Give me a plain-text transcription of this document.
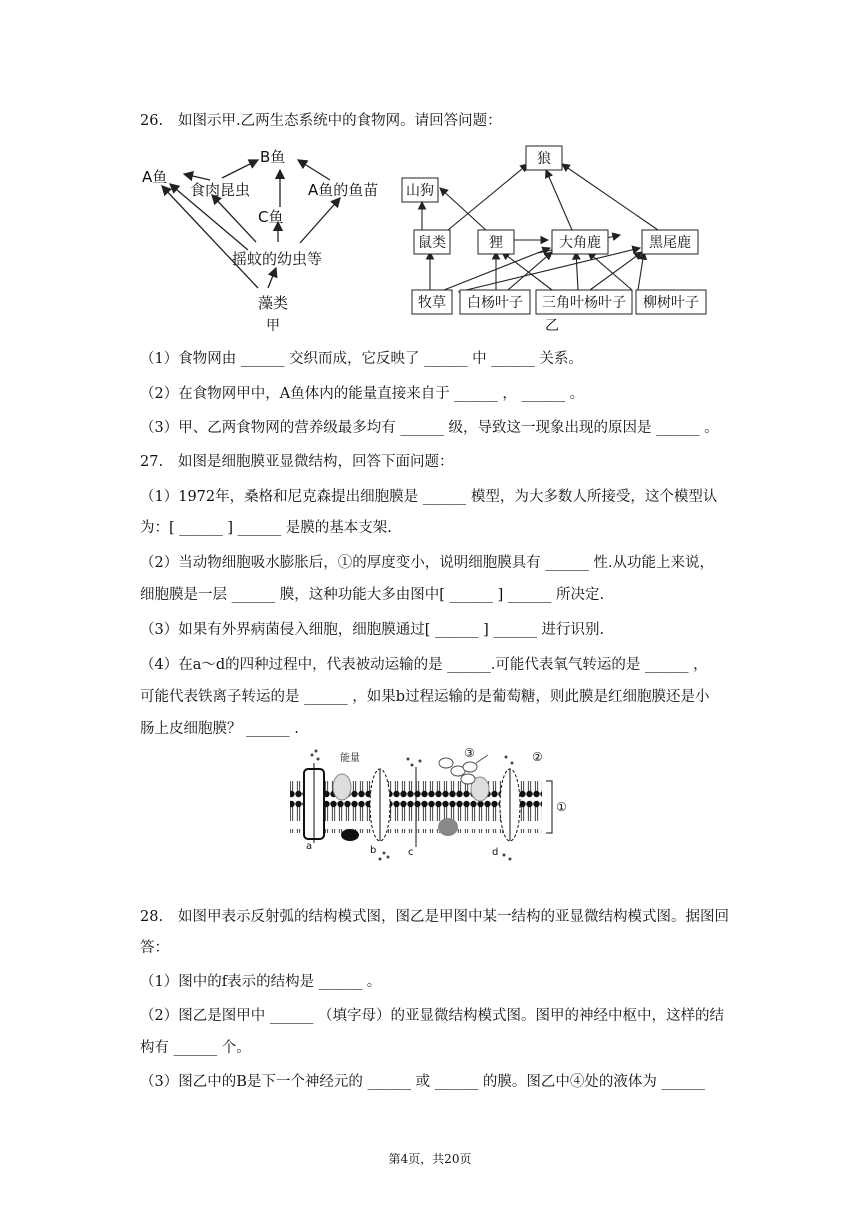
26. 如图示甲.乙两生态系统中的食物网。请回答问题：
B鱼
A鱼
食肉昆虫
C鱼
A鱼的鱼苗
摇蚊的幼虫等
藻类
甲
狼
山狗
鼠类	狸	大角鹿	黑尾鹿
牧草 白杨叶子 三角叶杨叶子 柳树叶子
乙
（1）食物网由 ______ 交织而成，它反映了 ______ 中 ______ 关系。
（2）在食物网甲中，A鱼体内的能量直接来自于 ______ ， ______ 。
（3）甲、乙两食物网的营养级最多均有 ______ 级，导致这一现象出现的原因是 ______ 。
27. 如图是细胞膜亚显微结构，回答下面问题：
（1）1972年，桑格和尼克森提出细胞膜是 ______ 模型，为大多数人所接受，这个模型认
为：[ ______ ] ______ 是膜的基本支架.
（2）当动物细胞吸水膨胀后，①的厚度变小，说明细胞膜具有 ______ 性.从功能上来说，
细胞膜是一层 ______ 膜，这种功能大多由图中[ ______ ] ______ 所决定.
（3）如果有外界病菌侵入细胞，细胞膜通过[ ______ ] ______ 进行识别.
（4）在a～d的四种过程中，代表被动运输的是 ______.可能代表氧气转运的是 ______ ，
可能代表铁离子转运的是 ______ ，如果b过程运输的是葡萄糖，则此膜是红细胞膜还是小
肠上皮细胞膜？ ______ .
能量
a	b	c	d
①
②
③
28. 如图甲表示反射弧的结构模式图，图乙是甲图中某一结构的亚显微结构模式图。据图回
答：
（1）图中的f表示的结构是 ______ 。
（2）图乙是图甲中 ______ （填字母）的亚显微结构模式图。图甲的神经中枢中，这样的结
构有 ______ 个。
（3）图乙中的B是下一个神经元的 ______ 或 ______ 的膜。图乙中④处的液体为 ______
第4页，共20页
